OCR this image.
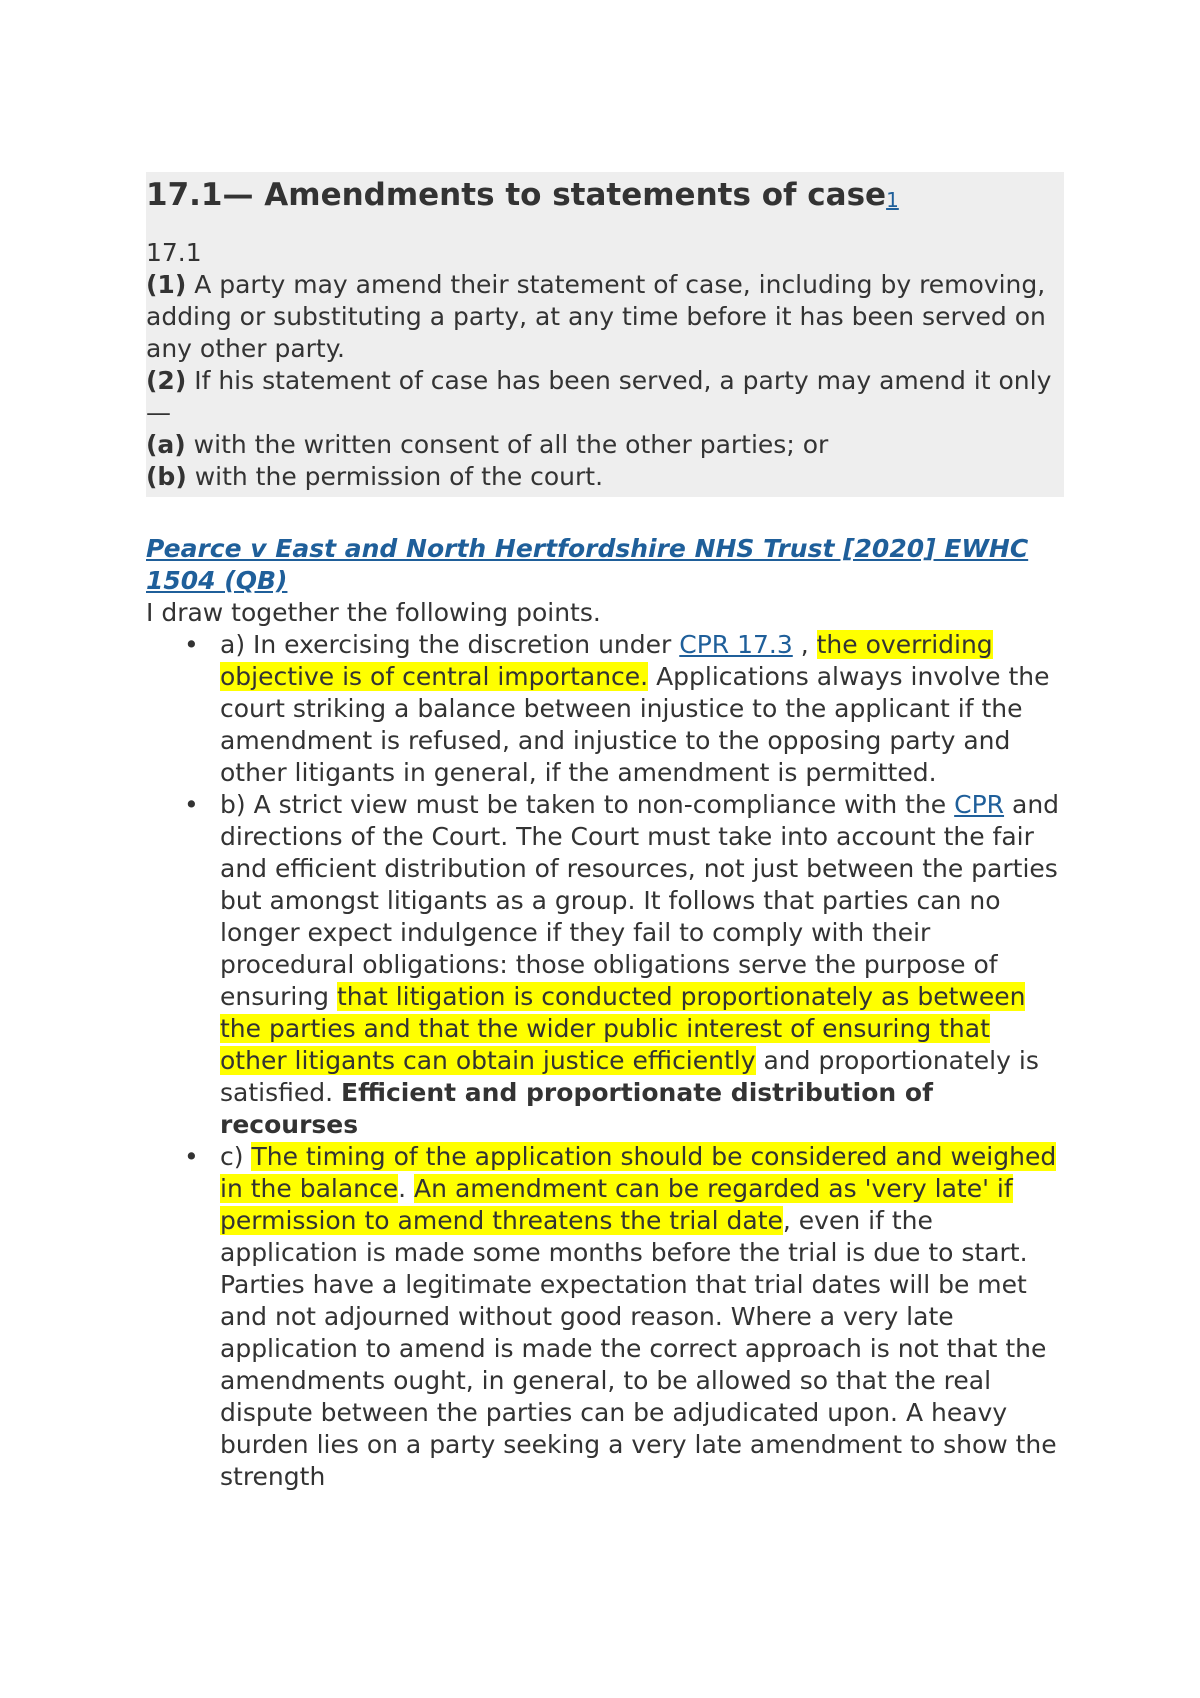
17.1— Amendments to statements of case$^1$
17.1
(1) A party may amend their statement of case, including by removing, adding or substituting a party, at any time before it has been served on any other party.
(2) If his statement of case has been served, a party may amend it only—
(a) with the written consent of all the other parties; or
(b) with the permission of the court.
Pearce v East and North Hertfordshire NHS Trust [2020] EWHC 1504 (QB)
I draw together the following points.
• a) In exercising the discretion under CPR 17.3 , the overriding objective is of central importance. Applications always involve the court striking a balance between injustice to the applicant if the amendment is refused, and injustice to the opposing party and other litigants in general, if the amendment is permitted.
• b) A strict view must be taken to non-compliance with the CPR and directions of the Court. The Court must take into account the fair and efficient distribution of resources, not just between the parties but amongst litigants as a group. It follows that parties can no longer expect indulgence if they fail to comply with their procedural obligations: those obligations serve the purpose of ensuring that litigation is conducted proportionately as between the parties and that the wider public interest of ensuring that other litigants can obtain justice efficiently and proportionately is satisfied. Efficient and proportionate distribution of recourses
• c) The timing of the application should be considered and weighed in the balance. An amendment can be regarded as 'very late' if permission to amend threatens the trial date, even if the application is made some months before the trial is due to start. Parties have a legitimate expectation that trial dates will be met and not adjourned without good reason. Where a very late application to amend is made the correct approach is not that the amendments ought, in general, to be allowed so that the real dispute between the parties can be adjudicated upon. A heavy burden lies on a party seeking a very late amendment to show the strength
